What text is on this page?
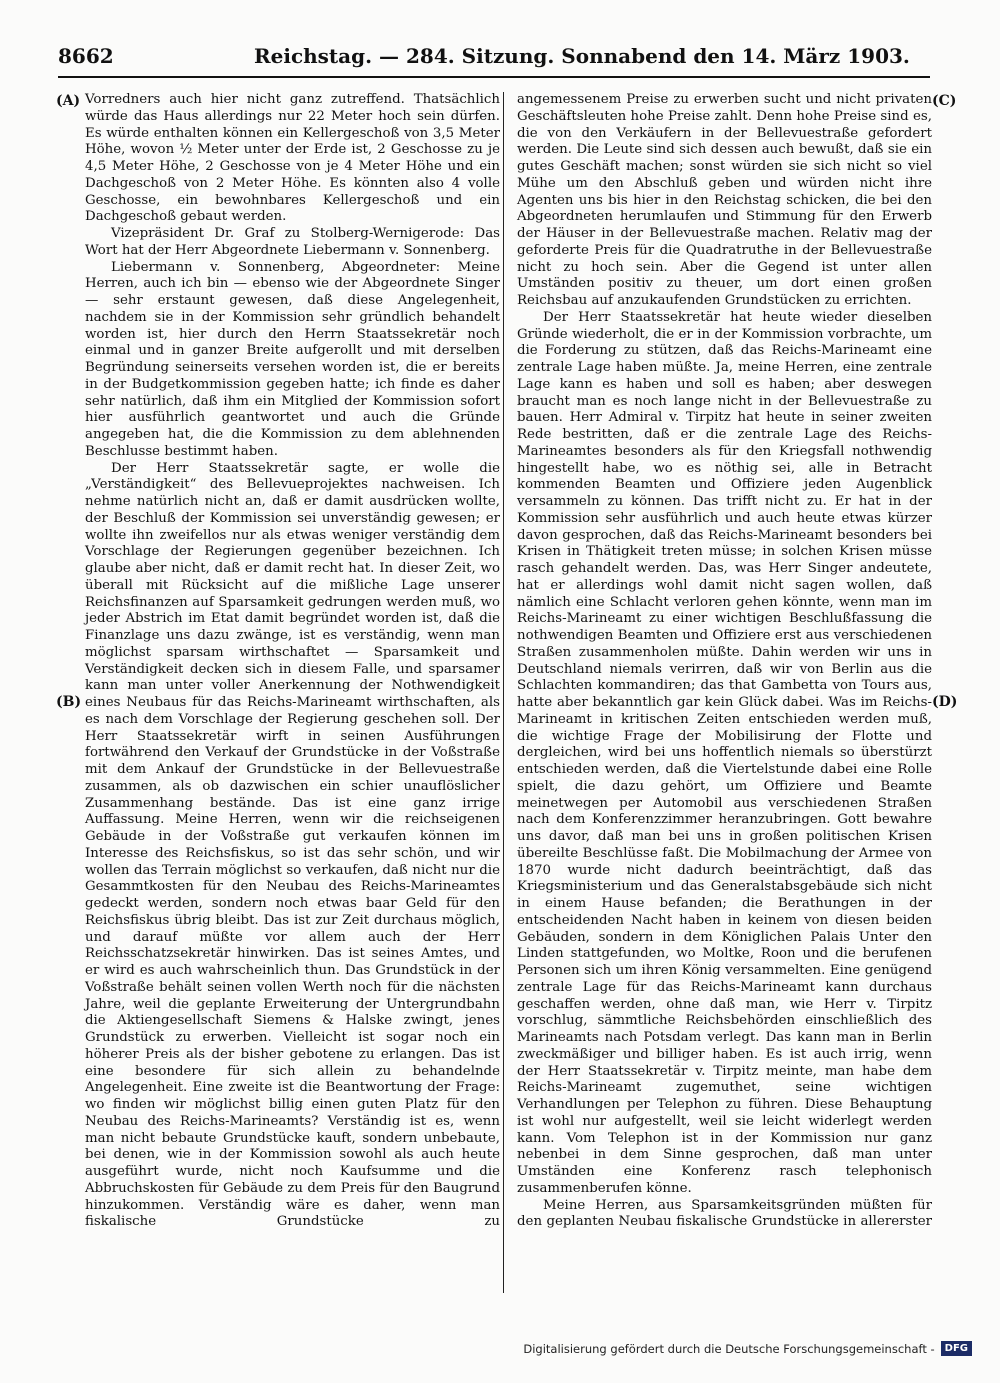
8662	Reichstag. — 284. Sitzung. Sonnabend den 14. März 1903.
(A)
(B)
(C)
(D)

Vorredners auch hier nicht ganz zutreffend. Thatsächlich würde das Haus allerdings nur 22 Meter hoch sein dürfen. Es würde enthalten können ein Kellergeschoß von 3,5 Meter Höhe, wovon ½ Meter unter der Erde ist, 2 Geschosse zu je 4,5 Meter Höhe, 2 Geschosse von je 4 Meter Höhe und ein Dachgeschoß von 2 Meter Höhe. Es könnten also 4 volle Geschosse, ein bewohnbares Kellergeschoß und ein Dachgeschoß gebaut werden.

Vizepräsident Dr. Graf zu Stolberg-Wernigerode: Das Wort hat der Herr Abgeordnete Liebermann v. Sonnenberg.

Liebermann v. Sonnenberg, Abgeordneter: Meine Herren, auch ich bin — ebenso wie der Abgeordnete Singer — sehr erstaunt gewesen, daß diese Angelegenheit, nachdem sie in der Kommission sehr gründlich behandelt worden ist, hier durch den Herrn Staatssekretär noch einmal und in ganzer Breite aufgerollt und mit derselben Begründung seinerseits versehen worden ist, die er bereits in der Budgetkommission gegeben hatte; ich finde es daher sehr natürlich, daß ihm ein Mitglied der Kommission sofort hier ausführlich geantwortet und auch die Gründe angegeben hat, die die Kommission zu dem ablehnenden Beschlusse bestimmt haben.

Der Herr Staatssekretär sagte, er wolle die „Verständigkeit“ des Bellevueprojektes nachweisen. Ich nehme natürlich nicht an, daß er damit ausdrücken wollte, der Beschluß der Kommission sei unverständig gewesen; er wollte ihn zweifellos nur als etwas weniger verständig dem Vorschlage der Regierungen gegenüber bezeichnen. Ich glaube aber nicht, daß er damit recht hat. In dieser Zeit, wo überall mit Rücksicht auf die mißliche Lage unserer Reichsfinanzen auf Sparsamkeit gedrungen werden muß, wo jeder Abstrich im Etat damit begründet worden ist, daß die Finanzlage uns dazu zwänge, ist es verständig, wenn man möglichst sparsam wirthschaftet — Sparsamkeit und Verständigkeit decken sich in diesem Falle, und sparsamer kann man unter voller Anerkennung der Nothwendigkeit eines Neubaus für das Reichs-Marineamt wirthschaften, als es nach dem Vorschlage der Regierung geschehen soll. Der Herr Staatssekretär wirft in seinen Ausführungen fortwährend den Verkauf der Grundstücke in der Voßstraße mit dem Ankauf der Grundstücke in der Bellevuestraße zusammen, als ob dazwischen ein schier unauflöslicher Zusammenhang bestände. Das ist eine ganz irrige Auffassung. Meine Herren, wenn wir die reichseigenen Gebäude in der Voßstraße gut verkaufen können im Interesse des Reichsfiskus, so ist das sehr schön, und wir wollen das Terrain möglichst so verkaufen, daß nicht nur die Gesammtkosten für den Neubau des Reichs-Marineamtes gedeckt werden, sondern noch etwas baar Geld für den Reichsfiskus übrig bleibt. Das ist zur Zeit durchaus möglich, und darauf müßte vor allem auch der Herr Reichsschatzsekretär hinwirken. Das ist seines Amtes, und er wird es auch wahrscheinlich thun. Das Grundstück in der Voßstraße behält seinen vollen Werth noch für die nächsten Jahre, weil die geplante Erweiterung der Untergrundbahn die Aktiengesellschaft Siemens & Halske zwingt, jenes Grundstück zu erwerben. Vielleicht ist sogar noch ein höherer Preis als der bisher gebotene zu erlangen. Das ist eine besondere für sich allein zu behandelnde Angelegenheit. Eine zweite ist die Beantwortung der Frage: wo finden wir möglichst billig einen guten Platz für den Neubau des Reichs-Marineamts? Verständig ist es, wenn man nicht bebaute Grundstücke kauft, sondern unbebaute, bei denen, wie in der Kommission sowohl als auch heute ausgeführt wurde, nicht noch Kaufsumme und die Abbruchskosten für Gebäude zu dem Preis für den Baugrund hinzukommen. Verständig wäre es daher, wenn man fiskalische Grundstücke zu

angemessenem Preise zu erwerben sucht und nicht privaten Geschäftsleuten hohe Preise zahlt. Denn hohe Preise sind es, die von den Verkäufern in der Bellevuestraße gefordert werden. Die Leute sind sich dessen auch bewußt, daß sie ein gutes Geschäft machen; sonst würden sie sich nicht so viel Mühe um den Abschluß geben und würden nicht ihre Agenten uns bis hier in den Reichstag schicken, die bei den Abgeordneten herumlaufen und Stimmung für den Erwerb der Häuser in der Bellevuestraße machen. Relativ mag der geforderte Preis für die Quadratruthe in der Bellevuestraße nicht zu hoch sein. Aber die Gegend ist unter allen Umständen positiv zu theuer, um dort einen großen Reichsbau auf anzukaufenden Grundstücken zu errichten.

Der Herr Staatssekretär hat heute wieder dieselben Gründe wiederholt, die er in der Kommission vorbrachte, um die Forderung zu stützen, daß das Reichs-Marineamt eine zentrale Lage haben müßte. Ja, meine Herren, eine zentrale Lage kann es haben und soll es haben; aber deswegen braucht man es noch lange nicht in der Bellevuestraße zu bauen. Herr Admiral v. Tirpitz hat heute in seiner zweiten Rede bestritten, daß er die zentrale Lage des Reichs-Marineamtes besonders als für den Kriegsfall nothwendig hingestellt habe, wo es nöthig sei, alle in Betracht kommenden Beamten und Offiziere jeden Augenblick versammeln zu können. Das trifft nicht zu. Er hat in der Kommission sehr ausführlich und auch heute etwas kürzer davon gesprochen, daß das Reichs-Marineamt besonders bei Krisen in Thätigkeit treten müsse; in solchen Krisen müsse rasch gehandelt werden. Das, was Herr Singer andeutete, hat er allerdings wohl damit nicht sagen wollen, daß nämlich eine Schlacht verloren gehen könnte, wenn man im Reichs-Marineamt zu einer wichtigen Beschlußfassung die nothwendigen Beamten und Offiziere erst aus verschiedenen Straßen zusammenholen müßte. Dahin werden wir uns in Deutschland niemals verirren, daß wir von Berlin aus die Schlachten kommandiren; das that Gambetta von Tours aus, hatte aber bekanntlich gar kein Glück dabei. Was im Reichs-Marineamt in kritischen Zeiten entschieden werden muß, die wichtige Frage der Mobilisirung der Flotte und dergleichen, wird bei uns hoffentlich niemals so überstürzt entschieden werden, daß die Viertelstunde dabei eine Rolle spielt, die dazu gehört, um Offiziere und Beamte meinetwegen per Automobil aus verschiedenen Straßen nach dem Konferenzzimmer heranzubringen. Gott bewahre uns davor, daß man bei uns in großen politischen Krisen übereilte Beschlüsse faßt. Die Mobilmachung der Armee von 1870 wurde nicht dadurch beeinträchtigt, daß das Kriegsministerium und das Generalstabsgebäude sich nicht in einem Hause befanden; die Berathungen in der entscheidenden Nacht haben in keinem von diesen beiden Gebäuden, sondern in dem Königlichen Palais Unter den Linden stattgefunden, wo Moltke, Roon und die berufenen Personen sich um ihren König versammelten. Eine genügend zentrale Lage für das Reichs-Marineamt kann durchaus geschaffen werden, ohne daß man, wie Herr v. Tirpitz vorschlug, sämmtliche Reichsbehörden einschließlich des Marineamts nach Potsdam verlegt. Das kann man in Berlin zweckmäßiger und billiger haben. Es ist auch irrig, wenn der Herr Staatssekretär v. Tirpitz meinte, man habe dem Reichs-Marineamt zugemuthet, seine wichtigen Verhandlungen per Telephon zu führen. Diese Behauptung ist wohl nur aufgestellt, weil sie leicht widerlegt werden kann. Vom Telephon ist in der Kommission nur ganz nebenbei in dem Sinne gesprochen, daß man unter Umständen eine Konferenz rasch telephonisch zusammenberufen könne.

Meine Herren, aus Sparsamkeitsgründen müßten für den geplanten Neubau fiskalische Grundstücke in allererster

Digitalisierung gefördert durch die Deutsche Forschungsgemeinschaft -	DFG
